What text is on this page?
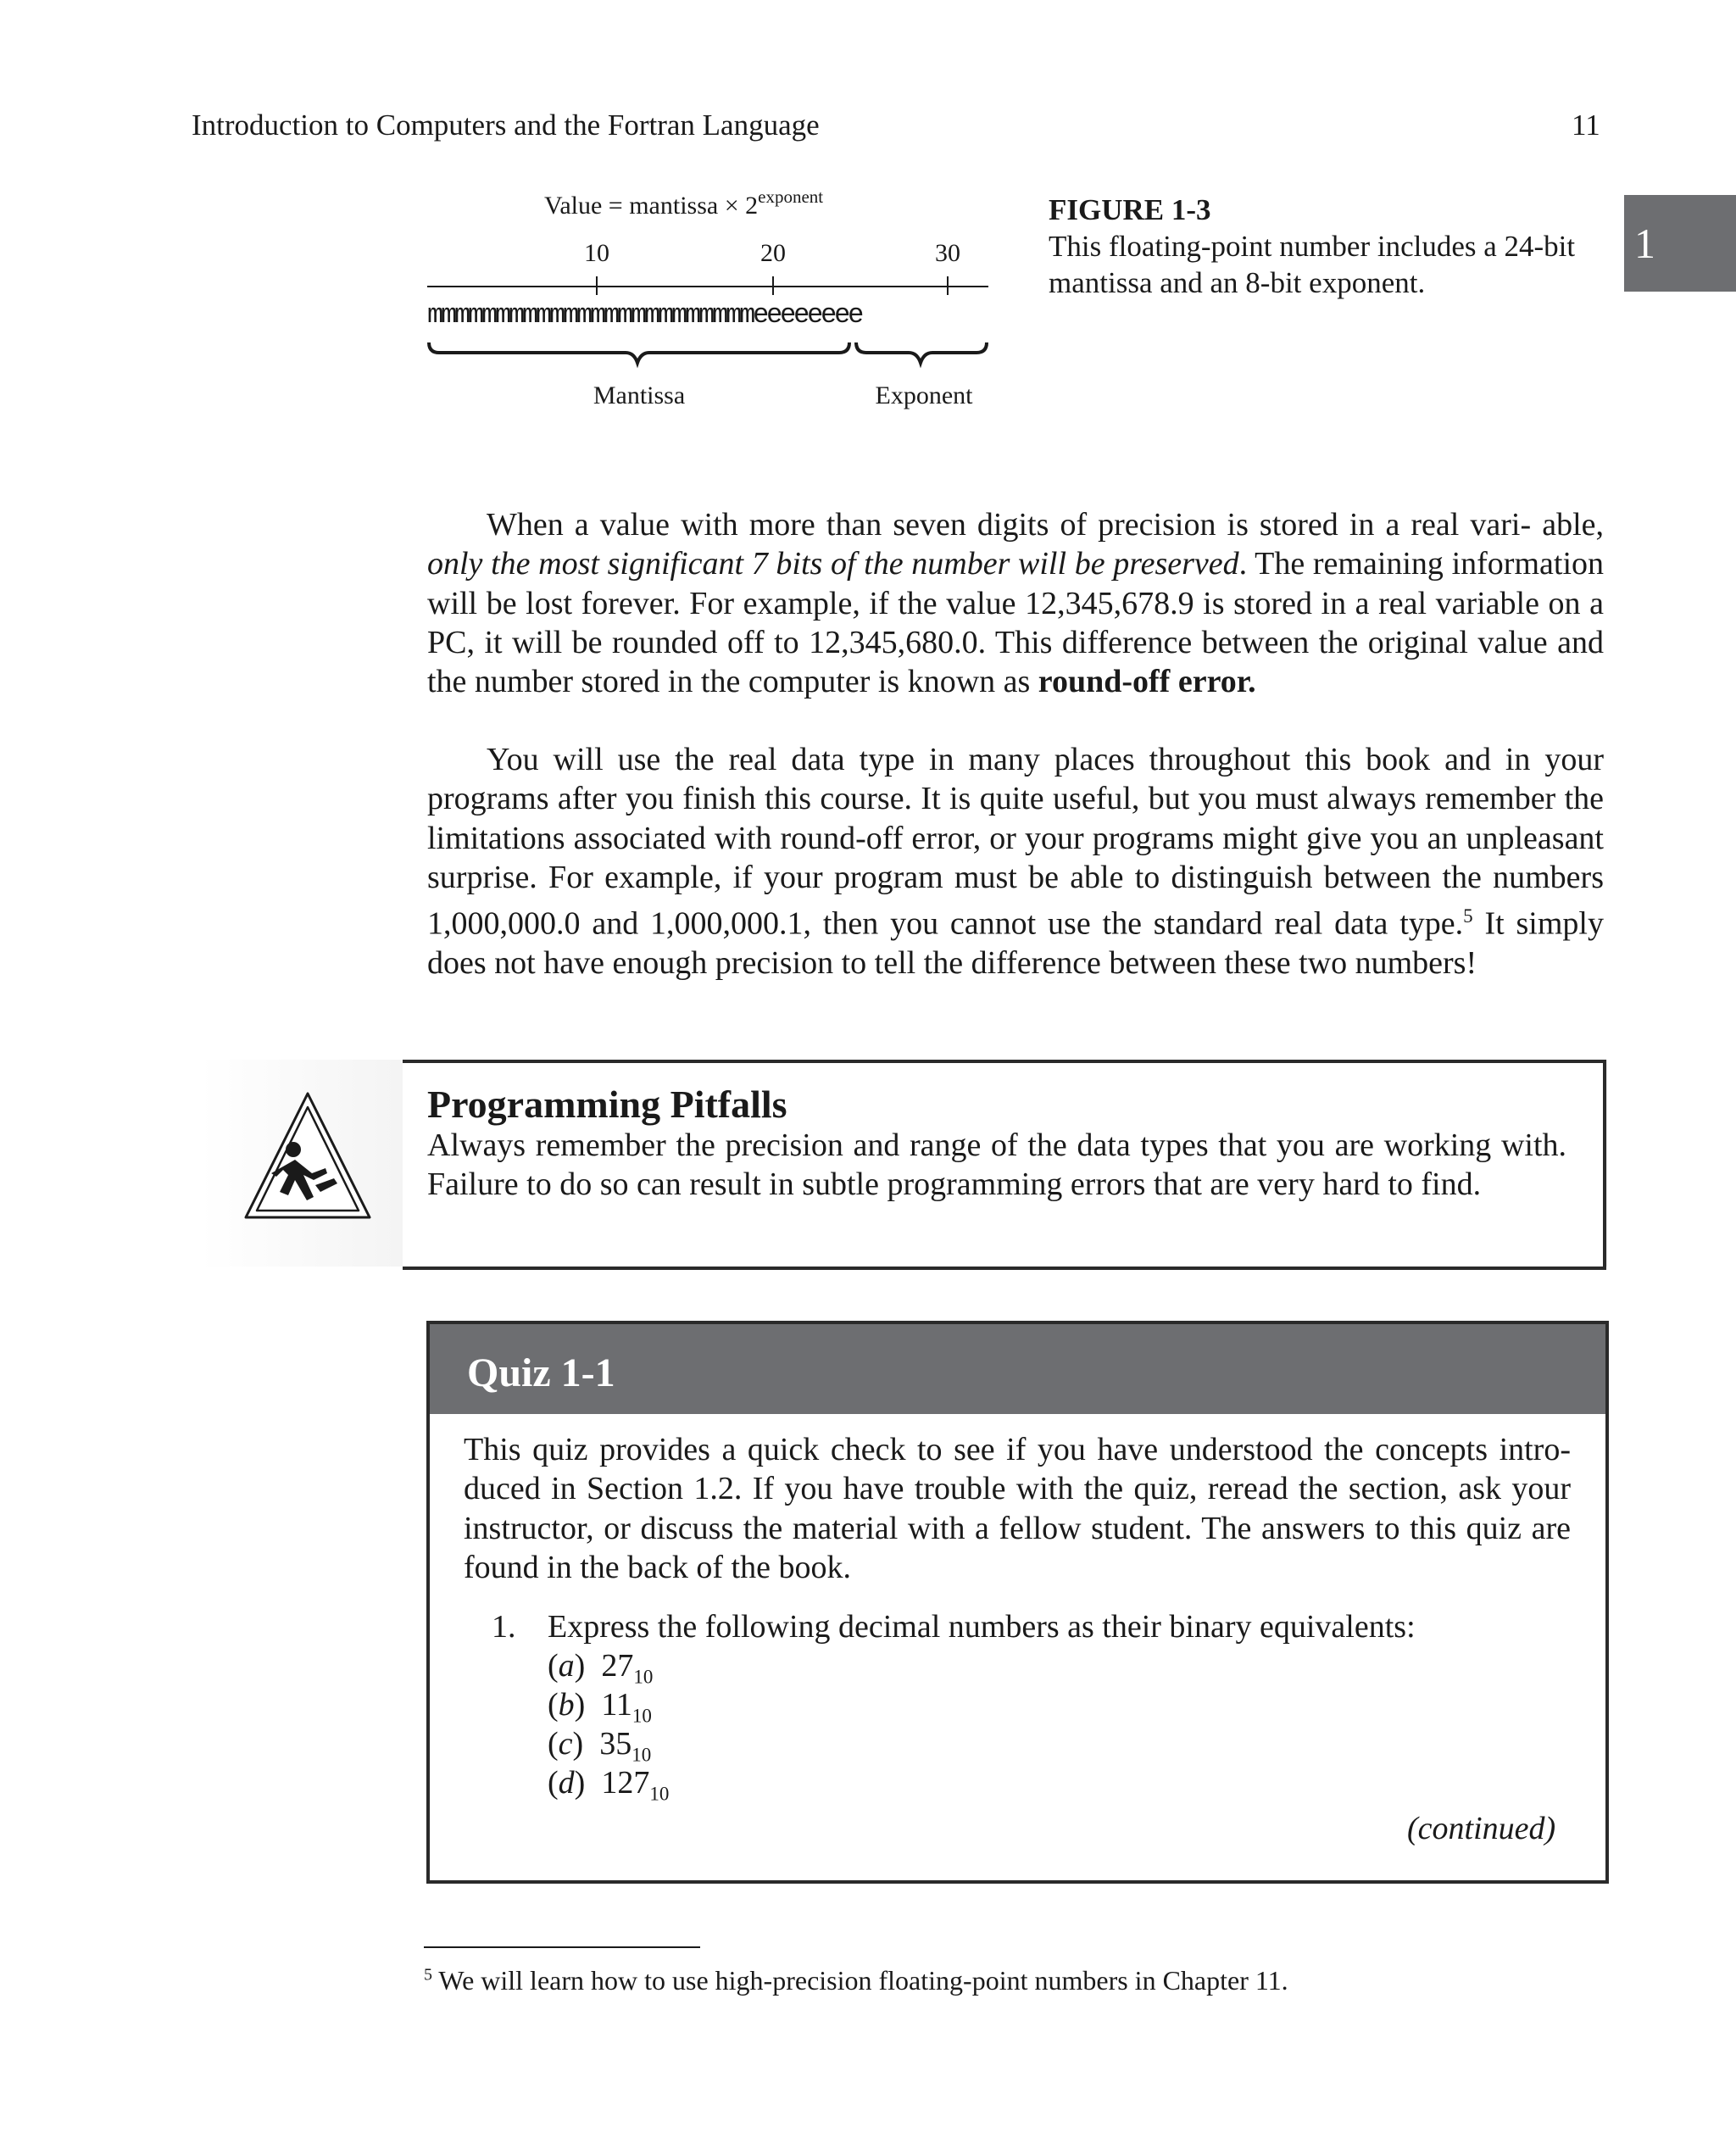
Introduction to Computers and the Fortran Language	11
1
Value = mantissa × $2^{exponent}$
10	20	30
mmmmmmmmmmmmmmmmmmmmmmmmeeeeeeee
Mantissa	Exponent
FIGURE 1-3
This floating-point number includes a 24-bit mantissa and an 8-bit exponent.
When a value with more than seven digits of precision is stored in a real vari- able, only the most significant 7 bits of the number will be preserved. The remaining information will be lost forever. For example, if the value 12,345,678.9 is stored in a real variable on a PC, it will be rounded off to 12,345,680.0. This difference between the original value and the number stored in the computer is known as round-off error.
You will use the real data type in many places throughout this book and in your programs after you finish this course. It is quite useful, but you must always remember the limitations associated with round-off error, or your programs might give you an unpleasant surprise. For example, if your program must be able to distinguish between the numbers 1,000,000.0 and 1,000,000.1, then you cannot use the standard real data type.$^5$ It simply does not have enough precision to tell the difference between these two numbers!
Programming Pitfalls
Always remember the precision and range of the data types that you are working with. Failure to do so can result in subtle programming errors that are very hard to find.
Quiz 1-1
This quiz provides a quick check to see if you have understood the concepts intro- duced in Section 1.2. If you have trouble with the quiz, reread the section, ask your instructor, or discuss the material with a fellow student. The answers to this quiz are found in the back of the book.
1. Express the following decimal numbers as their binary equivalents:
(a)  $27_{10}$
(b)  $11_{10}$
(c)  $35_{10}$
(d)  $127_{10}$
(continued)
$^5$ We will learn how to use high-precision floating-point numbers in Chapter 11.
